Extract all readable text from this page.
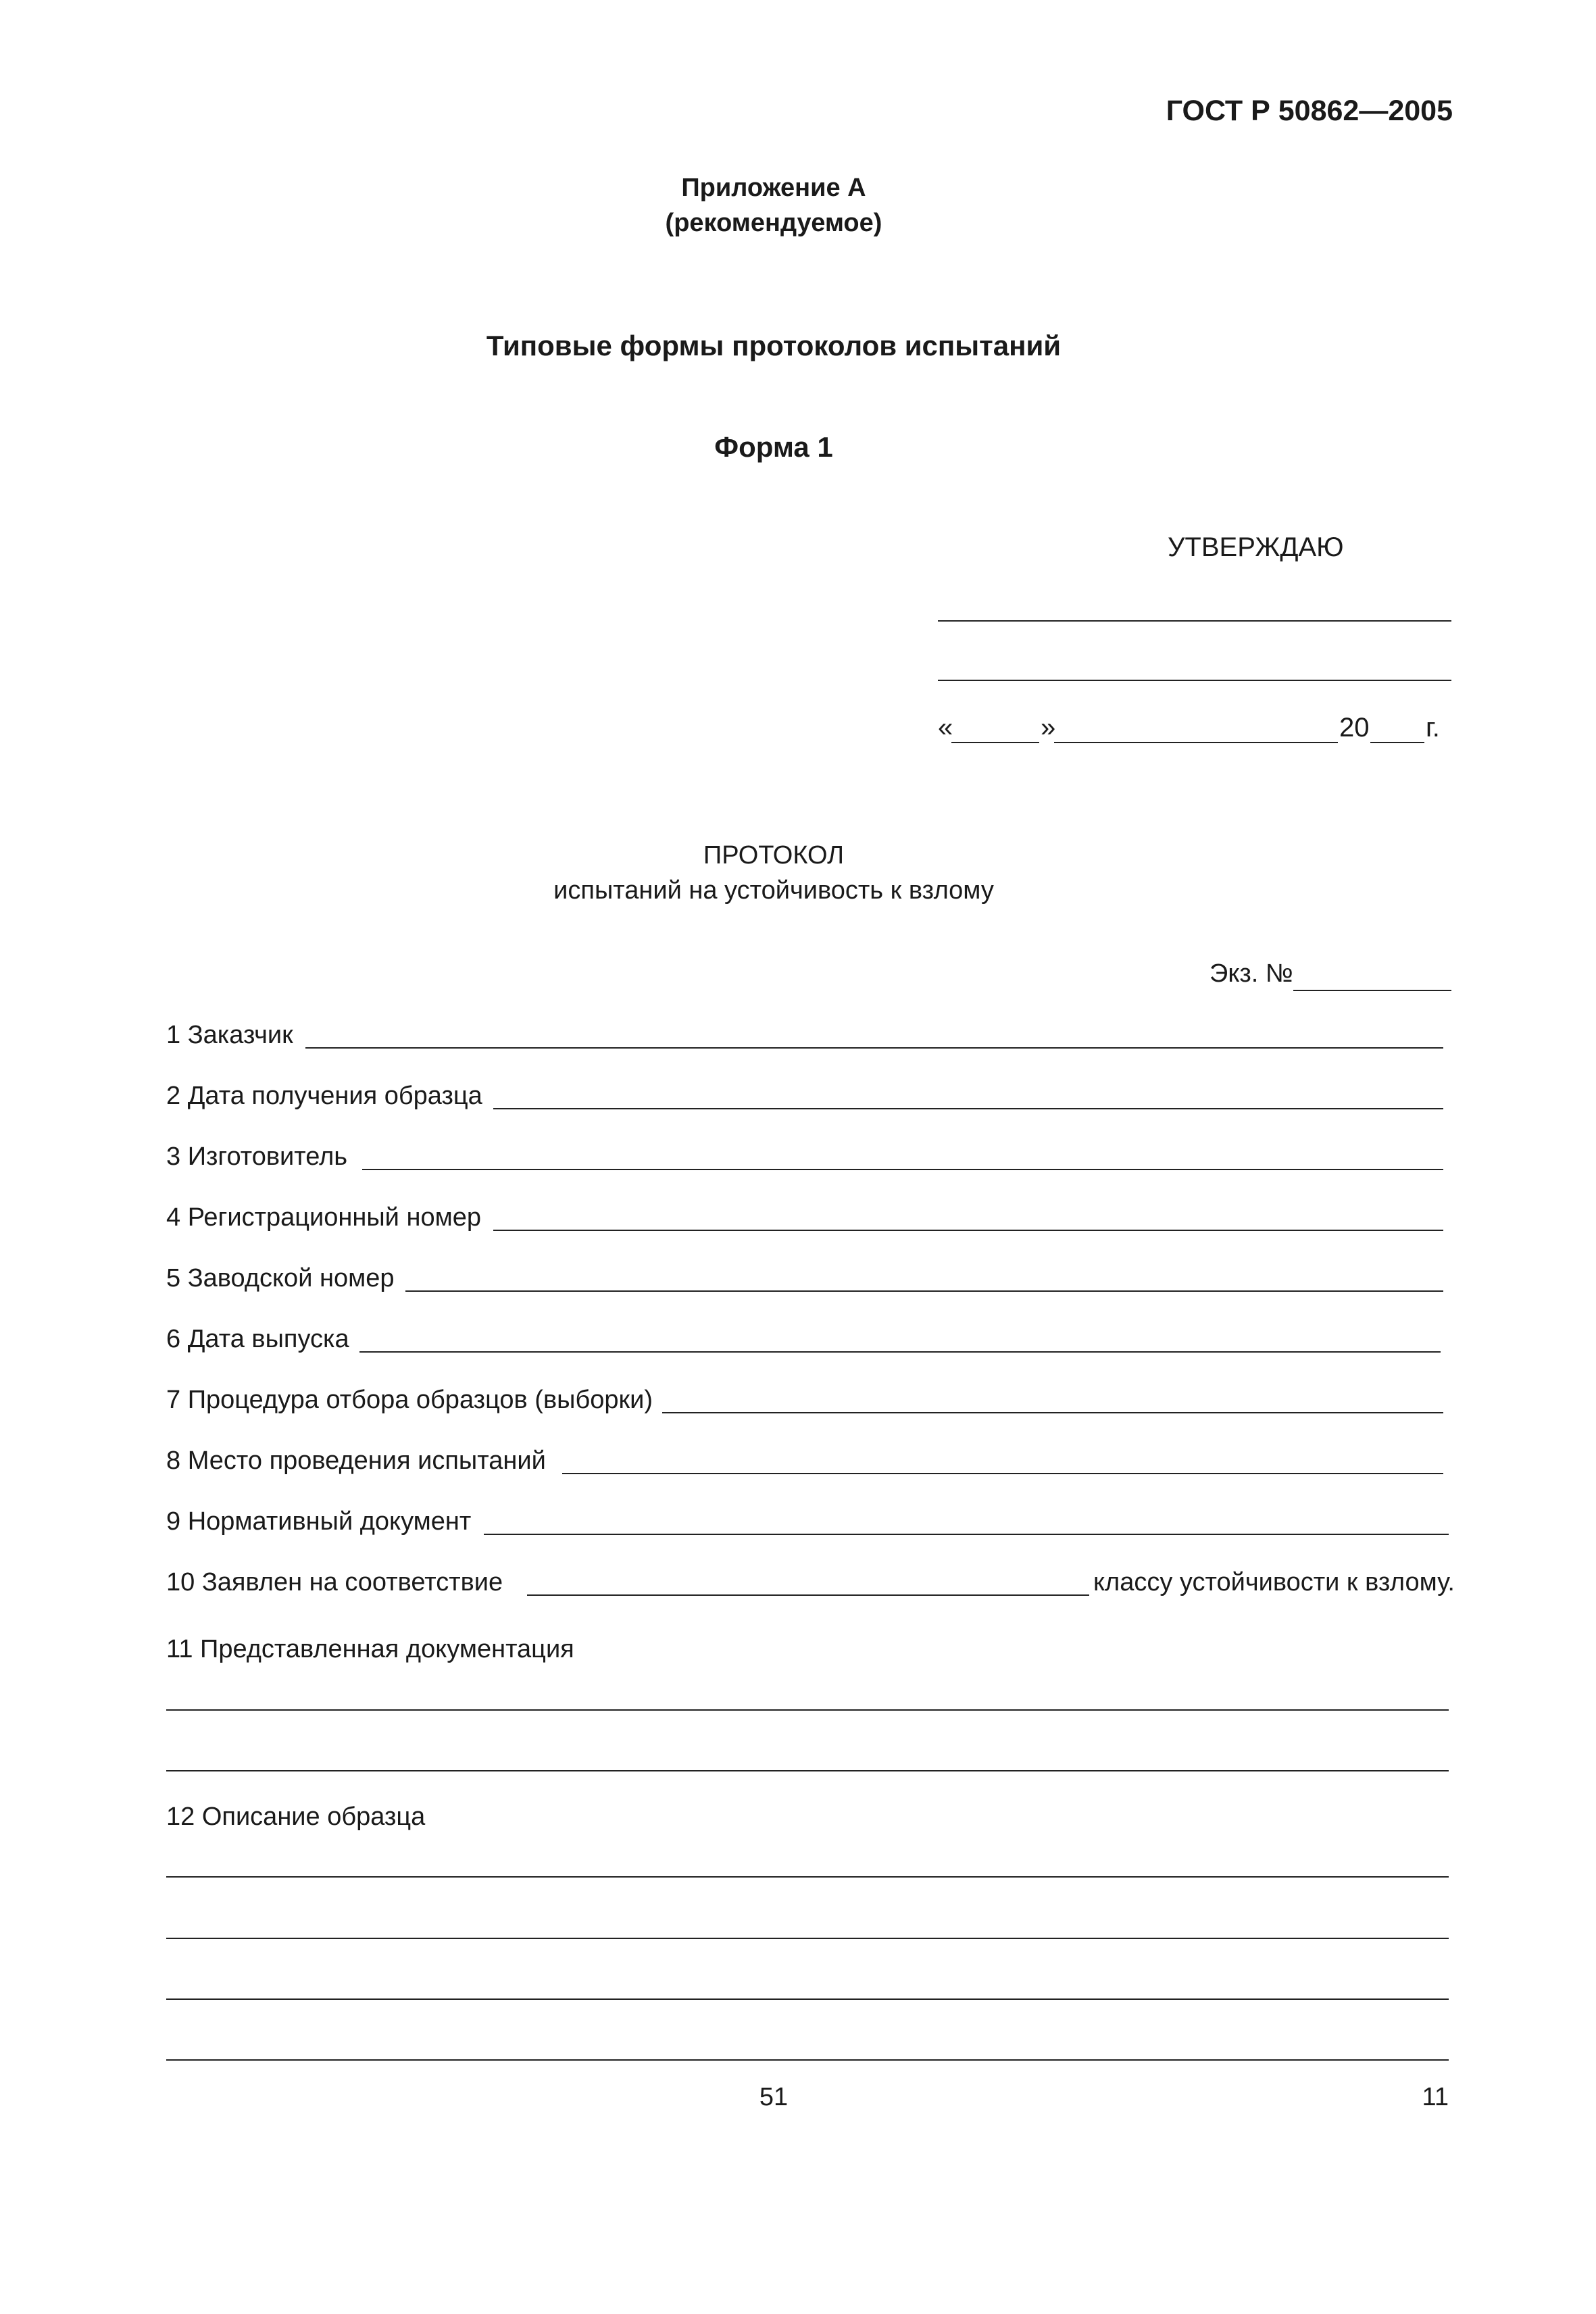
ГОСТ Р 50862—2005
Приложение А
(рекомендуемое)
Типовые формы протоколов испытаний
Форма 1
УТВЕРЖДАЮ
«	»	20 г.
ПРОТОКОЛ
испытаний на устойчивость к взлому
Экз. №
1 Заказчик
2 Дата получения образца
3 Изготовитель
4 Регистрационный номер
5 Заводской номер
6 Дата выпуска
7 Процедура отбора образцов (выборки)
8 Место проведения испытаний
9 Нормативный документ
10 Заявлен на соответствие	классу устойчивости к взлому.
11 Представленная документация
12 Описание образца
51	11
